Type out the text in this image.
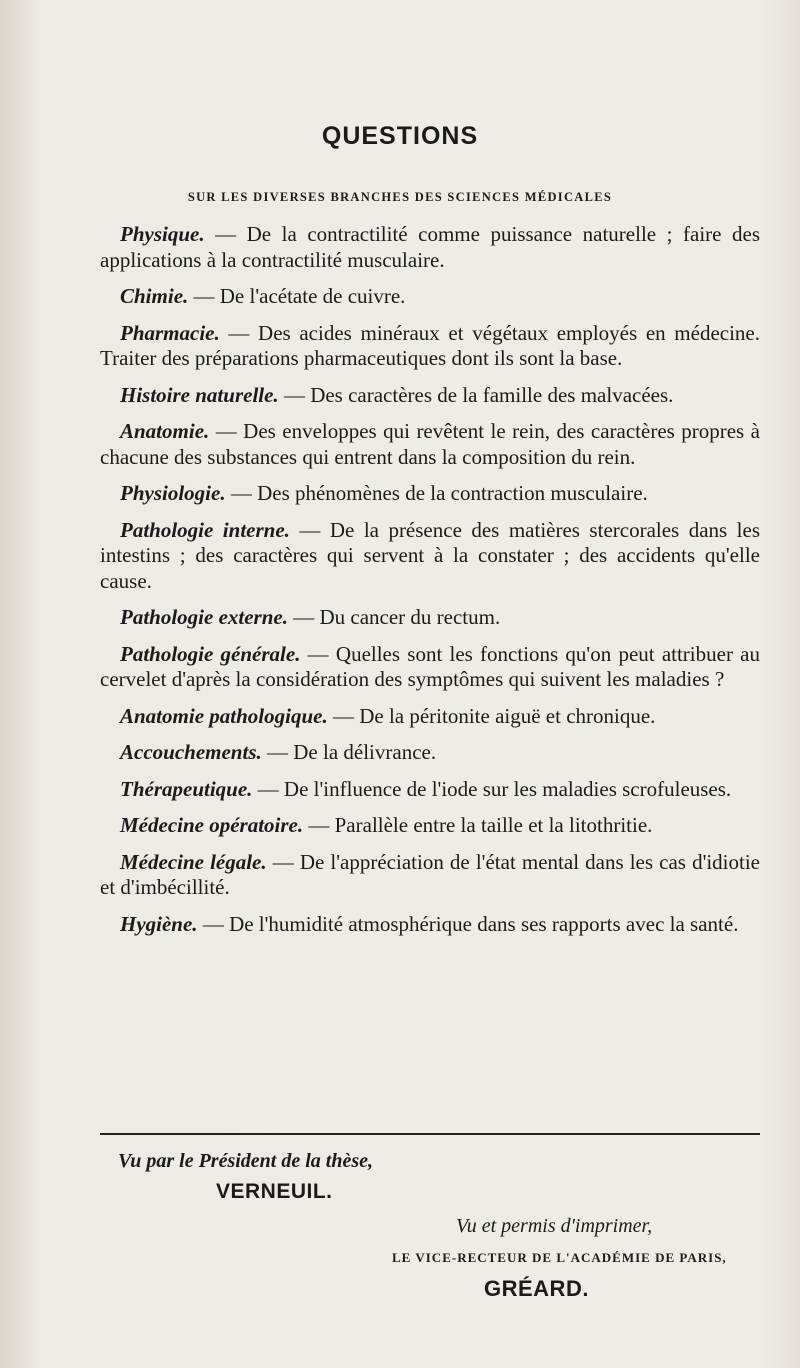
QUESTIONS
SUR LES DIVERSES BRANCHES DES SCIENCES MÉDICALES

Physique. — De la contractilité comme puissance naturelle ; faire des applications à la contractilité musculaire.

Chimie. — De l'acétate de cuivre.

Pharmacie. — Des acides minéraux et végétaux employés en médecine. Traiter des préparations pharmaceutiques dont ils sont la base.

Histoire naturelle. — Des caractères de la famille des malvacées.

Anatomie. — Des enveloppes qui revêtent le rein, des caractères propres à chacune des substances qui entrent dans la composition du rein.

Physiologie. — Des phénomènes de la contraction musculaire.

Pathologie interne. — De la présence des matières stercorales dans les intestins ; des caractères qui servent à la constater ; des accidents qu'elle cause.

Pathologie externe. — Du cancer du rectum.

Pathologie générale. — Quelles sont les fonctions qu'on peut attribuer au cervelet d'après la considération des symptômes qui suivent les maladies ?

Anatomie pathologique. — De la péritonite aiguë et chronique.

Accouchements. — De la délivrance.

Thérapeutique. — De l'influence de l'iode sur les maladies scrofuleuses.

Médecine opératoire. — Parallèle entre la taille et la litothritie.

Médecine légale. — De l'appréciation de l'état mental dans les cas d'idiotie et d'imbécillité.

Hygiène. — De l'humidité atmosphérique dans ses rapports avec la santé.

Vu par le Président de la thèse,
VERNEUIL.
Vu et permis d'imprimer,
LE VICE-RECTEUR DE L'ACADÉMIE DE PARIS,
GRÉARD.
